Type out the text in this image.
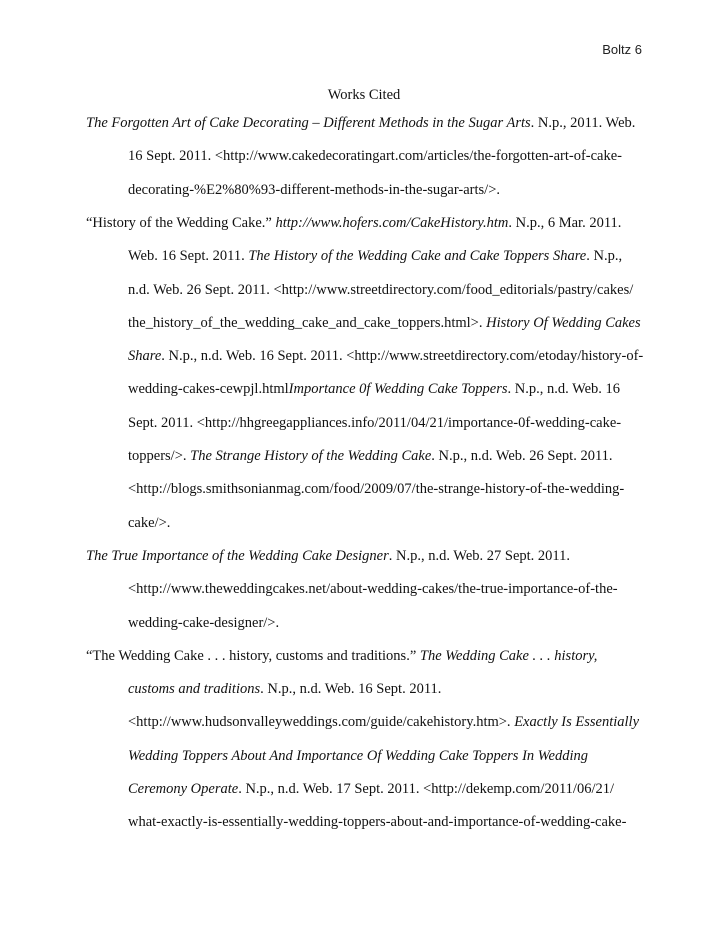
Boltz 6
Works Cited
The Forgotten Art of Cake Decorating – Different Methods in the Sugar Arts. N.p., 2011. Web.
16 Sept. 2011. <http://www.cakedecoratingart.com/articles/the-forgotten-art-of-cake-
decorating-%E2%80%93-different-methods-in-the-sugar-arts/>.
“History of the Wedding Cake.” http://www.hofers.com/CakeHistory.htm. N.p., 6 Mar. 2011.
Web. 16 Sept. 2011. The History of the Wedding Cake and Cake Toppers Share. N.p.,
n.d. Web. 26 Sept. 2011. <http://www.streetdirectory.com/food_editorials/pastry/cakes/
the_history_of_the_wedding_cake_and_cake_toppers.html>. History Of Wedding Cakes
Share. N.p., n.d. Web. 16 Sept. 2011. <http://www.streetdirectory.com/etoday/history-of-
wedding-cakes-cewpjl.htmlImportance 0f Wedding Cake Toppers. N.p., n.d. Web. 16
Sept. 2011. <http://hhgreegappliances.info/2011/04/21/importance-0f-wedding-cake-
toppers/>. The Strange History of the Wedding Cake. N.p., n.d. Web. 26 Sept. 2011.
<http://blogs.smithsonianmag.com/food/2009/07/the-strange-history-of-the-wedding-
cake/>.
The True Importance of the Wedding Cake Designer. N.p., n.d. Web. 27 Sept. 2011.
<http://www.theweddingcakes.net/about-wedding-cakes/the-true-importance-of-the-
wedding-cake-designer/>.
“The Wedding Cake . . . history, customs and traditions.” The Wedding Cake . . . history,
customs and traditions. N.p., n.d. Web. 16 Sept. 2011.
<http://www.hudsonvalleyweddings.com/guide/cakehistory.htm>. Exactly Is Essentially
Wedding Toppers About And Importance Of Wedding Cake Toppers In Wedding
Ceremony Operate. N.p., n.d. Web. 17 Sept. 2011. <http://dekemp.com/2011/06/21/
what-exactly-is-essentially-wedding-toppers-about-and-importance-of-wedding-cake-
